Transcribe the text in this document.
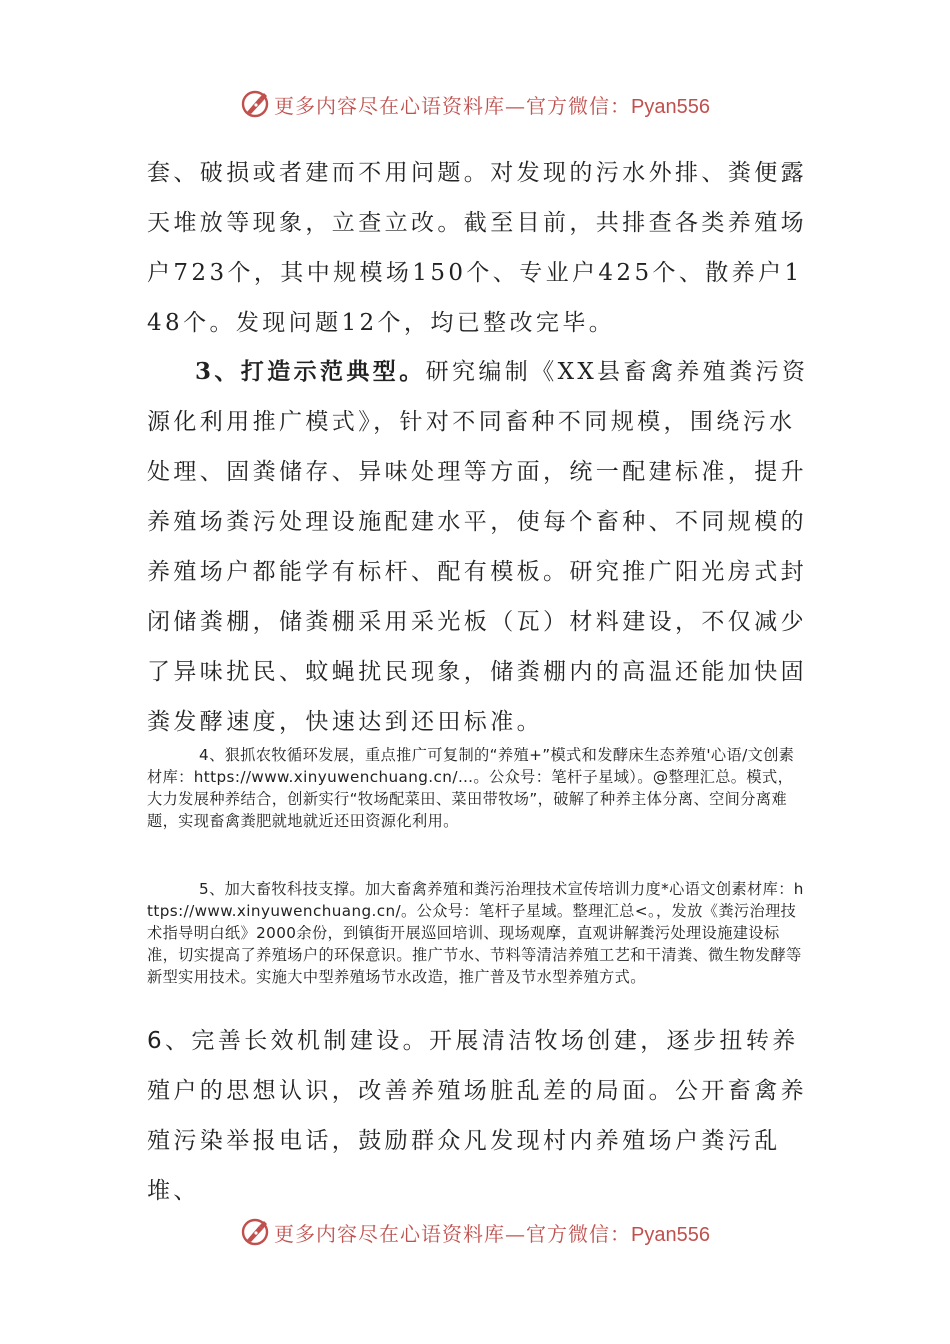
更多内容尽在心语资料库—官方微信：Pyan556

套、破损或者建而不用问题。对发现的污水外排、粪便露天堆放等现象，立查立改。截至目前，共排查各类养殖场户723个，其中规模场150个、专业户425个、散养户148个。发现问题12个，均已整改完毕。

3、打造示范典型。研究编制《XX县畜禽养殖粪污资源化利用推广模式》，针对不同畜种不同规模，围绕污水处理、固粪储存、异味处理等方面，统一配建标准，提升养殖场粪污处理设施配建水平，使每个畜种、不同规模的养殖场户都能学有标杆、配有模板。研究推广阳光房式封闭储粪棚，储粪棚采用采光板（瓦）材料建设，不仅减少了异味扰民、蚊蝇扰民现象，储粪棚内的高温还能加快固粪发酵速度，快速达到还田标准。

4、狠抓农牧循环发展，重点推广可复制的“养殖+”模式和发酵床生态养殖'心语/文创素材库：https://www.xinyuwenchuang.cn/…。公众号：笔杆子星域）。@整理汇总。模式，大力发展种养结合，创新实行“牧场配菜田、菜田带牧场”，破解了种养主体分离、空间分离难题，实现畜禽粪肥就地就近还田资源化利用。

5、加大畜牧科技支撑。加大畜禽养殖和粪污治理技术宣传培训力度*心语文创素材库：https://www.xinyuwenchuang.cn/。公众号：笔杆子星域。整理汇总<。，发放《粪污治理技术指导明白纸》2000余份，到镇街开展巡回培训、现场观摩，直观讲解粪污处理设施建设标准，切实提高了养殖场户的环保意识。推广节水、节料等清洁养殖工艺和干清粪、微生物发酵等新型实用技术。实施大中型养殖场节水改造，推广普及节水型养殖方式。

6、完善长效机制建设。开展清洁牧场创建，逐步扭转养殖户的思想认识，改善养殖场脏乱差的局面。公开畜禽养殖污染举报电话，鼓励群众凡发现村内养殖场户粪污乱堆、

更多内容尽在心语资料库—官方微信：Pyan556
